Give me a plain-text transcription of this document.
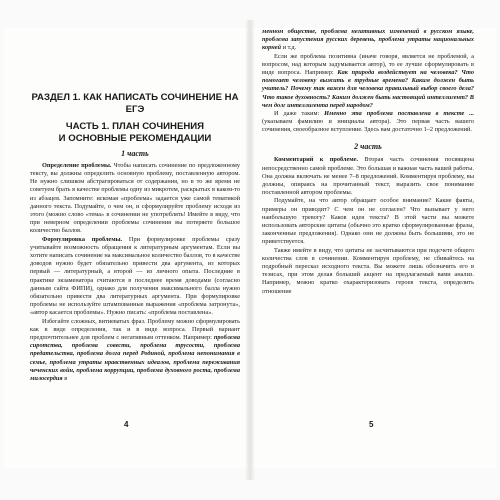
РАЗДЕЛ 1. КАК НАПИСАТЬ СОЧИНЕНИЕ НА ЕГЭ
ЧАСТЬ 1. ПЛАН СОЧИНЕНИЯ
И ОСНОВНЫЕ РЕКОМЕНДАЦИИ
1 часть

Определение проблемы. Чтобы написать сочинение по предложенному тексту, вы должны определить основную проблему, поставленную автором. Не нужно слишком абстрагироваться от содержания, но в то же время не советуем брать в качестве проблемы одну из микротем, раскрытых в каком-то из абзацев. Запомните: искомая «проблема» задается уже самой тематикой данного текста. Подумайте, о чем он, и сформулируйте проблему исходя из этого (можно слово «тема» в сочинении не употреблять! Имейте в виду, что при неверном определении проблемы сочинения вы потеряете большое количество баллов.

Формулировка проблемы. При формулировке проблемы сразу учитывайте возможность обращения к литературным аргументам. Если вы хотите написать сочинение на максимальное количество баллов, то в качестве доводов нужно будет обязательно привести два аргумента, из которых первый — литературный, а второй — из личного опыта. Последние в практике экзаменатора считаются в последнее время доводами (согласно данным сайта ФИПИ), однако для получения максимального балла нужно обязательно привести два литературных аргумента. При формулировке проблемы не используйте штампованные выражения «проблема затронута», «автор касается проблемы». Нужно писать: «проблема поставлена».

Избегайте сложных, витиеватых фраз. Проблему можно сформулировать как в виде определения, так и в виде вопроса. Первый вариант предпочтительнее для проблем с негативным оттенком. Например: проблема сиротства, проблема совести, проблема трусости, проблема предательства, проблема долга перед Родиной, проблема непонимания в семье, проблема утраты нравственных идеалов, проблема переживания чеченских войн, проблема коррупции, проблема духовного роста, проблема милосердия в

4

менном обществе, проблема негативных изменений в русском языке, проблема запустения русских деревень, проблема утраты национальных корней и т.д.

Если же проблема позитивна (иначе говоря, является не проблемой, а вопросом, над которым задумывается автор), то ее лучше сформулировать в виде вопроса. Например: Как природа воздействует на человека? Что помогает человеку выжить в трудные времена? Каким должен быть учитель? Почему так важен для человека правильный выбор своего дела? Что такое духовность? Каким должен быть настоящий интеллигент? В чем долг интеллигента перед народом?

И даже таким: Именно эта проблема поставлена в тексте ... (указываем фамилию и инициалы автора). Это первая часть вашего сочинения, своеобразное вступление. Здесь вам достаточно 1–2 предложений.

2 часть

Комментарий к проблеме. Вторая часть сочинения посвящена непосредственно самой проблеме. Это большая и важная часть вашей работы. Она должна включать не менее 7–8 предложений. Комментируя проблему, вы должны, опираясь на прочитанный текст, выразить свое понимание поставленной автором проблемы.

Подумайте, на что автор обращает особое внимание? Какие факты, примеры он приводит? С чем он не согласен? Что вызывает у него наибольшую тревогу? Каков идея текста? В этой части вы можете использовать авторские цитаты (обычно это кратко сформулированные фразы, законченные предложения). Однако они не должны быть большими, это не приветствуется.

Также имейте в виду, что цитаты не засчитываются при подсчете общего количества слов в сочинении. Комментируя проблему, не сбивайтесь на подробный пересказ исходного текста. Вы можете лишь обозначить его в тезисах, при этом делая больший акцент на предлагаемый вами анализ. Например, можно кратко охарактеризовать героев текста, определить отношение

5
